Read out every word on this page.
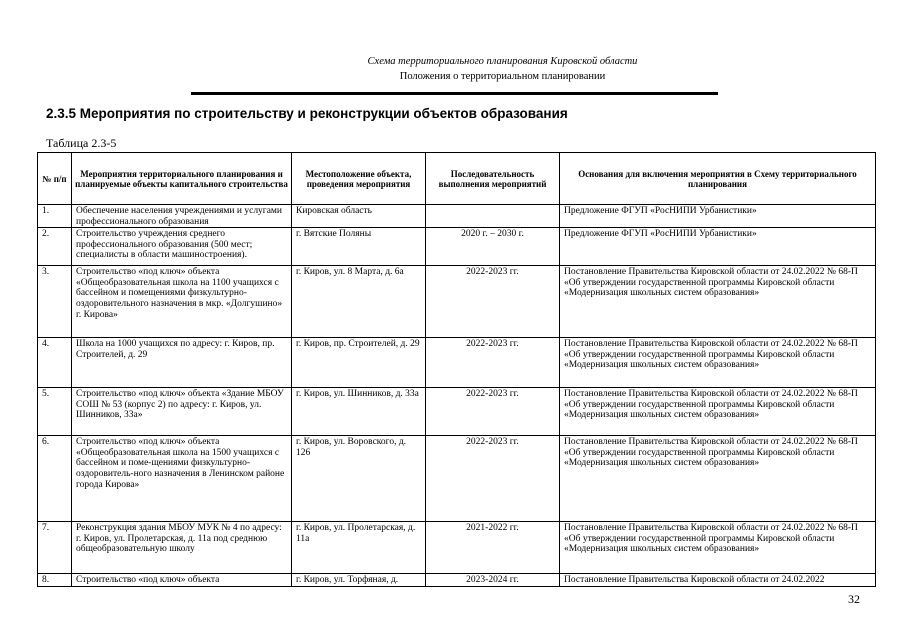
Схема территориального планирования Кировской области
Положения о территориальном планировании
2.3.5 Мероприятия по строительству и реконструкции объектов образования
Таблица 2.3-5
№ п/п	Мероприятия территориального планирования и планируемые объекты капитального строительства	Местоположение объекта, проведения мероприятия	Последовательность выполнения мероприятий	Основания для включения мероприятия в Схему территориального планирования
1.	Обеспечение населения учреждениями и услугами профессионального образования	Кировская область		Предложение ФГУП «РосНИПИ Урбанистики»
2.	Строительство учреждения среднего профессионального образования (500 мест; специалисты в области машиностроения).	г. Вятские Поляны	2020 г. – 2030 г.	Предложение ФГУП «РосНИПИ Урбанистики»
3.	Строительство «под ключ» объекта «Общеобразовательная школа на 1100 учащихся с бассейном и помещениями физкультурно-оздоровительного назначения в мкр. «Долгушино» г. Кирова»	г. Киров, ул. 8 Марта, д. 6а	2022-2023 гг.	Постановление Правительства Кировской области от 24.02.2022 № 68-П «Об утверждении государственной программы Кировской области «Модернизация школьных систем образования»
4.	Школа на 1000 учащихся по адресу: г. Киров, пр. Строителей, д. 29	г. Киров, пр. Строителей, д. 29	2022-2023 гг.	Постановление Правительства Кировской области от 24.02.2022 № 68-П «Об утверждении государственной программы Кировской области «Модернизация школьных систем образования»
5.	Строительство «под ключ» объекта «Здание МБОУ СОШ № 53 (корпус 2) по адресу: г. Киров, ул. Шинников, 33а»	г. Киров, ул. Шинников, д. 33а	2022-2023 гг.	Постановление Правительства Кировской области от 24.02.2022 № 68-П «Об утверждении государственной программы Кировской области «Модернизация школьных систем образования»
6.	Строительство «под ключ» объекта «Общеобразовательная школа на 1500 учащихся с бассейном и поме-щениями физкультурно-оздоровитель-ного назначения в Ленинском районе города Кирова»	г. Киров, ул. Воровского, д. 126	2022-2023 гг.	Постановление Правительства Кировской области от 24.02.2022 № 68-П «Об утверждении государственной программы Кировской области «Модернизация школьных систем образования»
7.	Реконструкция здания МБОУ МУК № 4 по адресу: г. Киров, ул. Пролетарская, д. 11а под среднюю общеобразовательную школу	г. Киров, ул. Пролетарская, д. 11а	2021-2022 гг.	Постановление Правительства Кировской области от 24.02.2022 № 68-П «Об утверждении государственной программы Кировской области «Модернизация школьных систем образования»
8.	Строительство «под ключ» объекта	г. Киров, ул. Торфяная, д.	2023-2024 гг.	Постановление Правительства Кировской области от 24.02.2022
32
